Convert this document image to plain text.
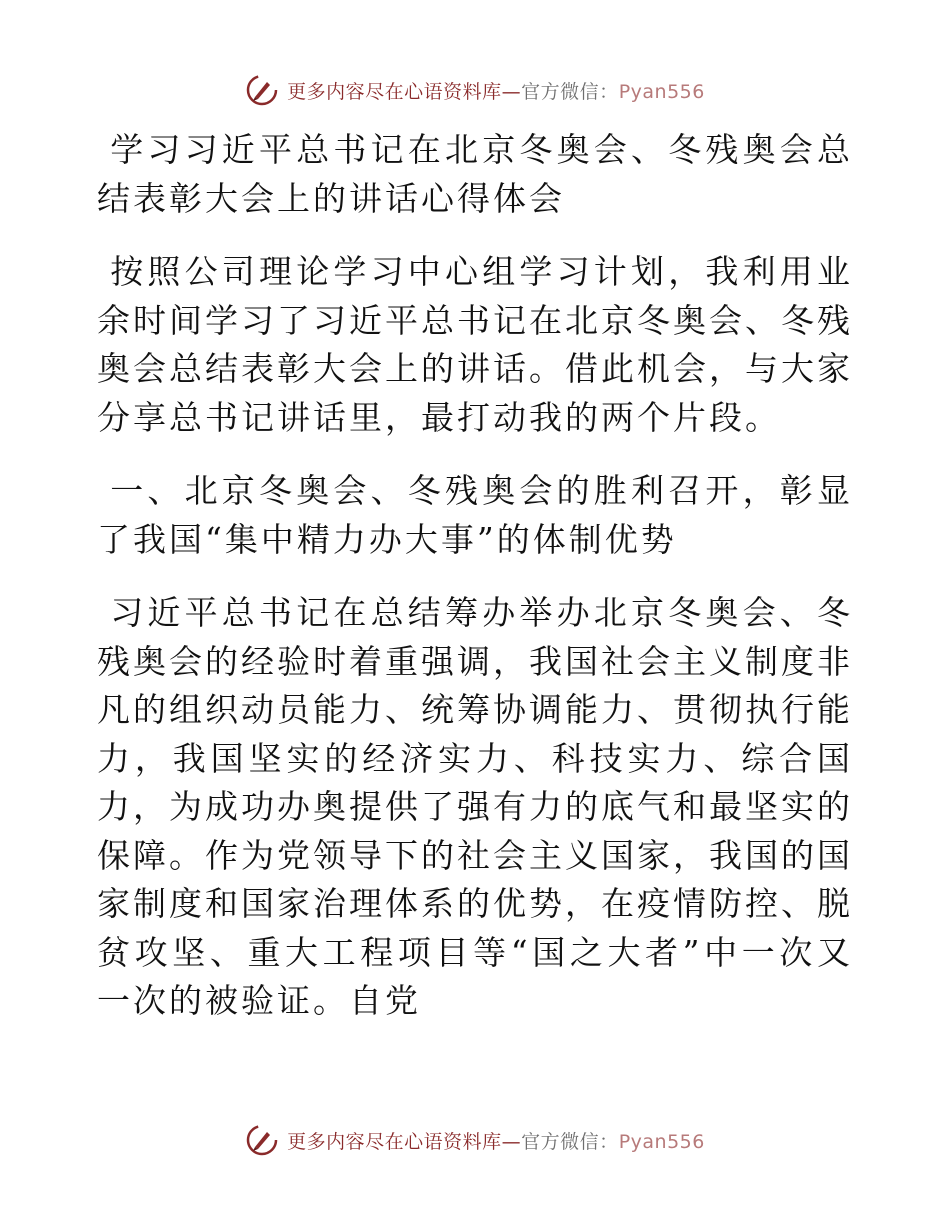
更多内容尽在心语资料库—官方微信：Pyan556

学习习近平总书记在北京冬奥会、冬残奥会总结表彰大会上的讲话心得体会

按照公司理论学习中心组学习计划，我利用业余时间学习了习近平总书记在北京冬奥会、冬残奥会总结表彰大会上的讲话。借此机会，与大家分享总书记讲话里，最打动我的两个片段。

一、北京冬奥会、冬残奥会的胜利召开，彰显了我国“集中精力办大事”的体制优势

习近平总书记在总结筹办举办北京冬奥会、冬残奥会的经验时着重强调，我国社会主义制度非凡的组织动员能力、统筹协调能力、贯彻执行能力，我国坚实的经济实力、科技实力、综合国力，为成功办奥提供了强有力的底气和最坚实的保障。作为党领导下的社会主义国家，我国的国家制度和国家治理体系的优势，在疫情防控、脱贫攻坚、重大工程项目等“国之大者”中一次又一次的被验证。自党

更多内容尽在心语资料库—官方微信：Pyan556
